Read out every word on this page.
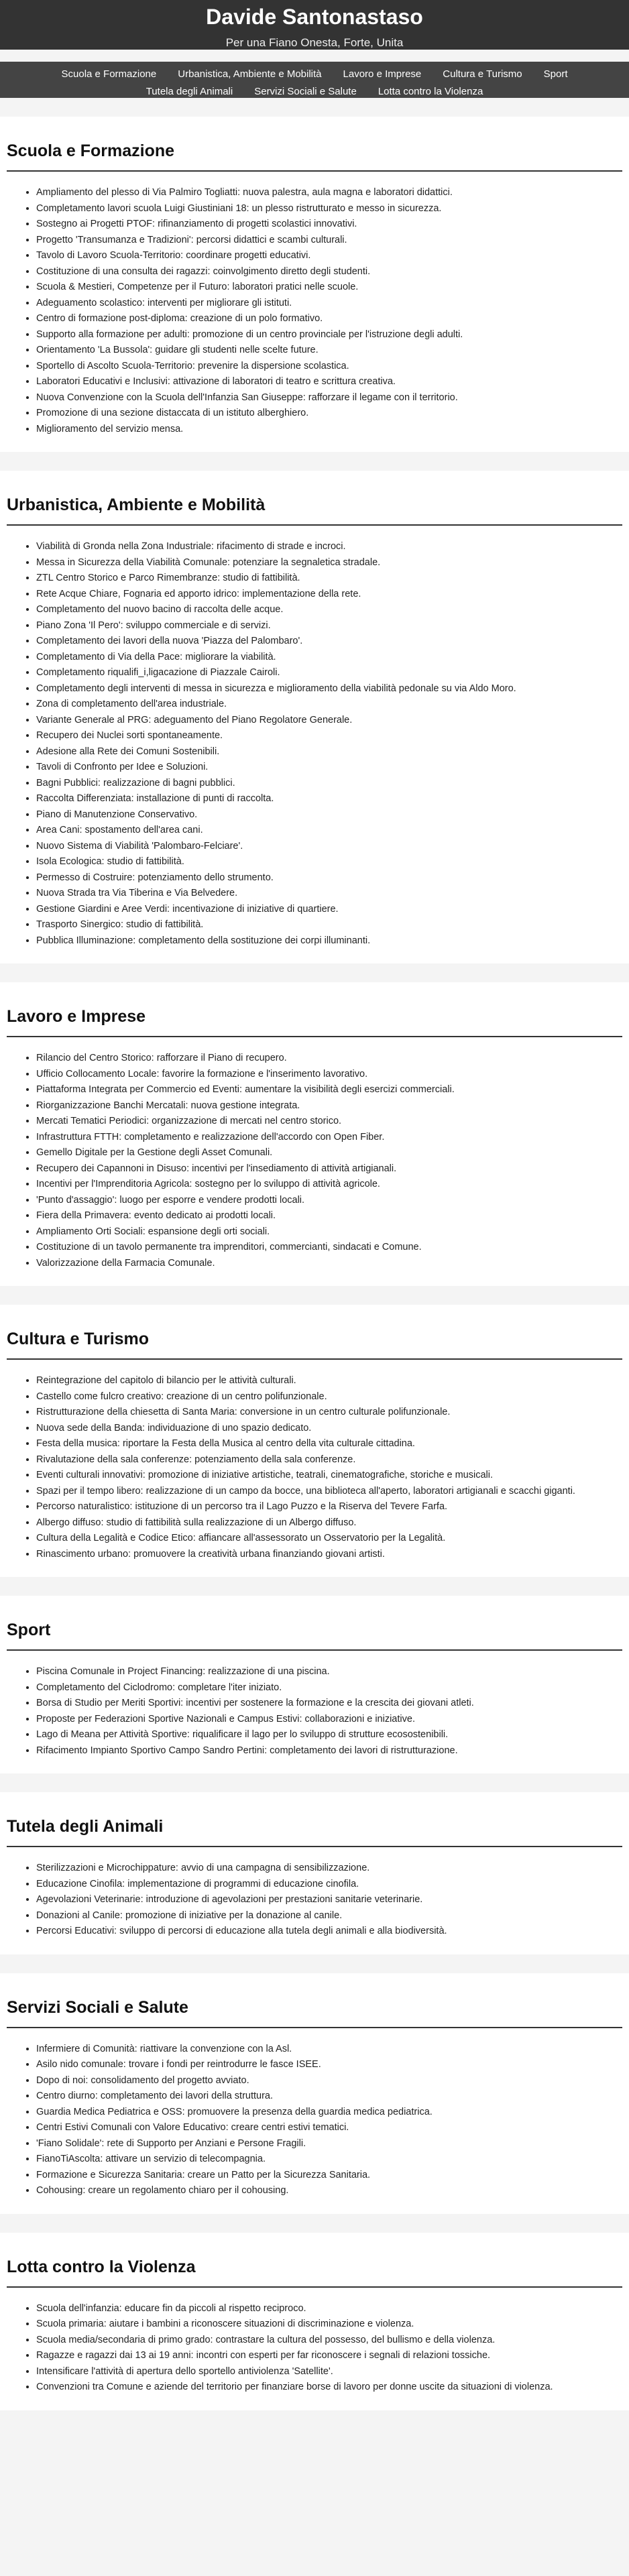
Davide Santonastaso

Per una Fiano Onesta, Forte, Unita

Scuola e Formazione Urbanistica, Ambiente e Mobilità Lavoro e Imprese Cultura e Turismo SportTutela degli Animali Servizi Sociali e Salute Lotta contro la Violenza
Scuola e Formazione
• Ampliamento del plesso di Via Palmiro Togliatti: nuova palestra, aula magna e laboratori didattici.
• Completamento lavori scuola Luigi Giustiniani 18: un plesso ristrutturato e messo in sicurezza.
• Sostegno ai Progetti PTOF: rifinanziamento di progetti scolastici innovativi.
• Progetto 'Transumanza e Tradizioni': percorsi didattici e scambi culturali.
• Tavolo di Lavoro Scuola-Territorio: coordinare progetti educativi.
• Costituzione di una consulta dei ragazzi: coinvolgimento diretto degli studenti.
• Scuola & Mestieri, Competenze per il Futuro: laboratori pratici nelle scuole.
• Adeguamento scolastico: interventi per migliorare gli istituti.
• Centro di formazione post-diploma: creazione di un polo formativo.
• Supporto alla formazione per adulti: promozione di un centro provinciale per l'istruzione degli adulti.
• Orientamento 'La Bussola': guidare gli studenti nelle scelte future.
• Sportello di Ascolto Scuola-Territorio: prevenire la dispersione scolastica.
• Laboratori Educativi e Inclusivi: attivazione di laboratori di teatro e scrittura creativa.
• Nuova Convenzione con la Scuola dell'Infanzia San Giuseppe: rafforzare il legame con il territorio.
• Promozione di una sezione distaccata di un istituto alberghiero.
• Miglioramento del servizio mensa.
Urbanistica, Ambiente e Mobilità
• Viabilità di Gronda nella Zona Industriale: rifacimento di strade e incroci.
• Messa in Sicurezza della Viabilità Comunale: potenziare la segnaletica stradale.
• ZTL Centro Storico e Parco Rimembranze: studio di fattibilità.
• Rete Acque Chiare, Fognaria ed apporto idrico: implementazione della rete.
• Completamento del nuovo bacino di raccolta delle acque.
• Piano Zona 'Il Pero': sviluppo commerciale e di servizi.
• Completamento dei lavori della nuova 'Piazza del Palombaro'.
• Completamento di Via della Pace: migliorare la viabilità.
• Completamento riqualifi_i,ligacazione di Piazzale Cairoli.
• Completamento degli interventi di messa in sicurezza e miglioramento della viabilità pedonale su via Aldo Moro.
• Zona di completamento dell'area industriale.
• Variante Generale al PRG: adeguamento del Piano Regolatore Generale.
• Recupero dei Nuclei sorti spontaneamente.
• Adesione alla Rete dei Comuni Sostenibili.
• Tavoli di Confronto per Idee e Soluzioni.
• Bagni Pubblici: realizzazione di bagni pubblici.
• Raccolta Differenziata: installazione di punti di raccolta.
• Piano di Manutenzione Conservativo.
• Area Cani: spostamento dell'area cani.
• Nuovo Sistema di Viabilità 'Palombaro-Felciare'.
• Isola Ecologica: studio di fattibilità.
• Permesso di Costruire: potenziamento dello strumento.
• Nuova Strada tra Via Tiberina e Via Belvedere.
• Gestione Giardini e Aree Verdi: incentivazione di iniziative di quartiere.
• Trasporto Sinergico: studio di fattibilità.
• Pubblica Illuminazione: completamento della sostituzione dei corpi illuminanti.
Lavoro e Imprese
• Rilancio del Centro Storico: rafforzare il Piano di recupero.
• Ufficio Collocamento Locale: favorire la formazione e l'inserimento lavorativo.
• Piattaforma Integrata per Commercio ed Eventi: aumentare la visibilità degli esercizi commerciali.
• Riorganizzazione Banchi Mercatali: nuova gestione integrata.
• Mercati Tematici Periodici: organizzazione di mercati nel centro storico.
• Infrastruttura FTTH: completamento e realizzazione dell'accordo con Open Fiber.
• Gemello Digitale per la Gestione degli Asset Comunali.
• Recupero dei Capannoni in Disuso: incentivi per l'insediamento di attività artigianali.
• Incentivi per l'Imprenditoria Agricola: sostegno per lo sviluppo di attività agricole.
• 'Punto d'assaggio': luogo per esporre e vendere prodotti locali.
• Fiera della Primavera: evento dedicato ai prodotti locali.
• Ampliamento Orti Sociali: espansione degli orti sociali.
• Costituzione di un tavolo permanente tra imprenditori, commercianti, sindacati e Comune.
• Valorizzazione della Farmacia Comunale.
Cultura e Turismo
• Reintegrazione del capitolo di bilancio per le attività culturali.
• Castello come fulcro creativo: creazione di un centro polifunzionale.
• Ristrutturazione della chiesetta di Santa Maria: conversione in un centro culturale polifunzionale.
• Nuova sede della Banda: individuazione di uno spazio dedicato.
• Festa della musica: riportare la Festa della Musica al centro della vita culturale cittadina.
• Rivalutazione della sala conferenze: potenziamento della sala conferenze.
• Eventi culturali innovativi: promozione di iniziative artistiche, teatrali, cinematografiche, storiche e musicali.
• Spazi per il tempo libero: realizzazione di un campo da bocce, una biblioteca all'aperto, laboratori artigianali e scacchi giganti.
• Percorso naturalistico: istituzione di un percorso tra il Lago Puzzo e la Riserva del Tevere Farfa.
• Albergo diffuso: studio di fattibilità sulla realizzazione di un Albergo diffuso.
• Cultura della Legalità e Codice Etico: affiancare all'assessorato un Osservatorio per la Legalità.
• Rinascimento urbano: promuovere la creatività urbana finanziando giovani artisti.
Sport
• Piscina Comunale in Project Financing: realizzazione di una piscina.
• Completamento del Ciclodromo: completare l'iter iniziato.
• Borsa di Studio per Meriti Sportivi: incentivi per sostenere la formazione e la crescita dei giovani atleti.
• Proposte per Federazioni Sportive Nazionali e Campus Estivi: collaborazioni e iniziative.
• Lago di Meana per Attività Sportive: riqualificare il lago per lo sviluppo di strutture ecosostenibili.
• Rifacimento Impianto Sportivo Campo Sandro Pertini: completamento dei lavori di ristrutturazione.
Tutela degli Animali
• Sterilizzazioni e Microchippature: avvio di una campagna di sensibilizzazione.
• Educazione Cinofila: implementazione di programmi di educazione cinofila.
• Agevolazioni Veterinarie: introduzione di agevolazioni per prestazioni sanitarie veterinarie.
• Donazioni al Canile: promozione di iniziative per la donazione al canile.
• Percorsi Educativi: sviluppo di percorsi di educazione alla tutela degli animali e alla biodiversità.
Servizi Sociali e Salute
• Infermiere di Comunità: riattivare la convenzione con la Asl.
• Asilo nido comunale: trovare i fondi per reintrodurre le fasce ISEE.
• Dopo di noi: consolidamento del progetto avviato.
• Centro diurno: completamento dei lavori della struttura.
• Guardia Medica Pediatrica e OSS: promuovere la presenza della guardia medica pediatrica.
• Centri Estivi Comunali con Valore Educativo: creare centri estivi tematici.
• 'Fiano Solidale': rete di Supporto per Anziani e Persone Fragili.
• FianoTiAscolta: attivare un servizio di telecompagnia.
• Formazione e Sicurezza Sanitaria: creare un Patto per la Sicurezza Sanitaria.
• Cohousing: creare un regolamento chiaro per il cohousing.
Lotta contro la Violenza
• Scuola dell'infanzia: educare fin da piccoli al rispetto reciproco.
• Scuola primaria: aiutare i bambini a riconoscere situazioni di discriminazione e violenza.
• Scuola media/secondaria di primo grado: contrastare la cultura del possesso, del bullismo e della violenza.
• Ragazze e ragazzi dai 13 ai 19 anni: incontri con esperti per far riconoscere i segnali di relazioni tossiche.
• Intensificare l'attività di apertura dello sportello antiviolenza 'Satellite'.
• Convenzioni tra Comune e aziende del territorio per finanziare borse di lavoro per donne uscite da situazioni di violenza.
